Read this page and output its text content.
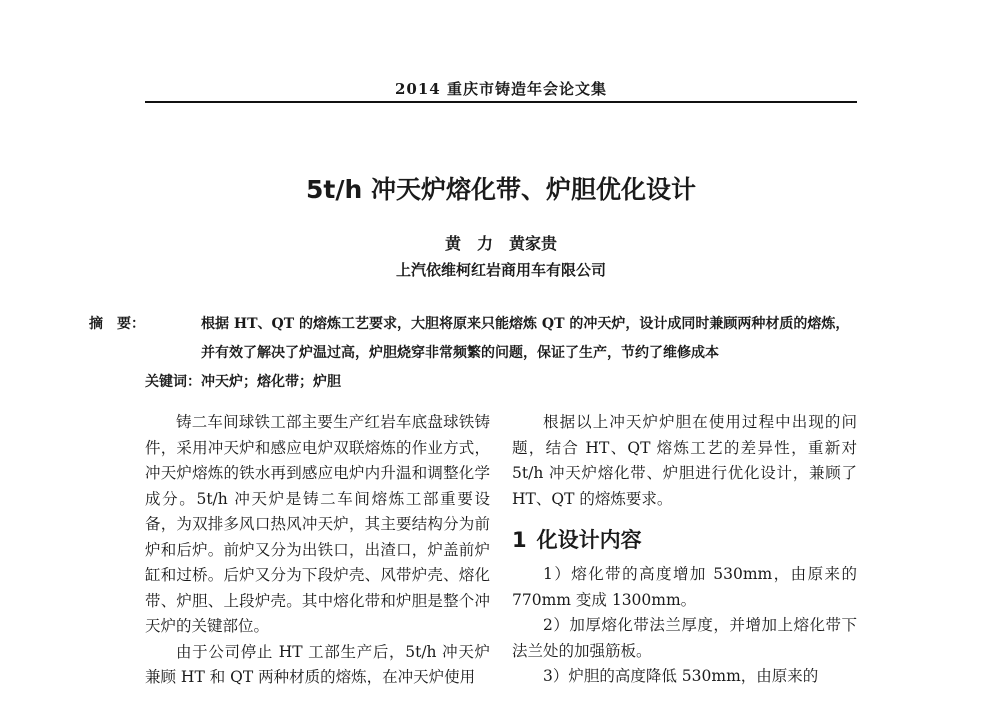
2014 重庆市铸造年会论文集
5t/h 冲天炉熔化带、炉胆优化设计
黄　力　黄家贵
上汽依维柯红岩商用车有限公司
摘　要：	根据 HT、QT 的熔炼工艺要求，大胆将原来只能熔炼 QT 的冲天炉，设计成同时兼顾两种材质的熔炼，并有效了解决了炉温过高，炉胆烧穿非常频繁的问题，保证了生产，节约了维修成本
关键词：冲天炉；熔化带；炉胆

铸二车间球铁工部主要生产红岩车底盘球铁铸件，采用冲天炉和感应电炉双联熔炼的作业方式，冲天炉熔炼的铁水再到感应电炉内升温和调整化学成分。5t/h 冲天炉是铸二车间熔炼工部重要设备，为双排多风口热风冲天炉，其主要结构分为前炉和后炉。前炉又分为出铁口，出渣口，炉盖前炉缸和过桥。后炉又分为下段炉壳、风带炉壳、熔化带、炉胆、上段炉壳。其中熔化带和炉胆是整个冲天炉的关键部位。

由于公司停止 HT 工部生产后，5t/h 冲天炉兼顾 HT 和 QT 两种材质的熔炼，在冲天炉使用

根据以上冲天炉炉胆在使用过程中出现的问题，结合 HT、QT 熔炼工艺的差异性，重新对 5t/h 冲天炉熔化带、炉胆进行优化设计，兼顾了 HT、QT 的熔炼要求。

1 化设计内容

1）熔化带的高度增加 530mm，由原来的 770mm 变成 1300mm。

2）加厚熔化带法兰厚度，并增加上熔化带下法兰处的加强筋板。

3）炉胆的高度降低 530mm，由原来的
